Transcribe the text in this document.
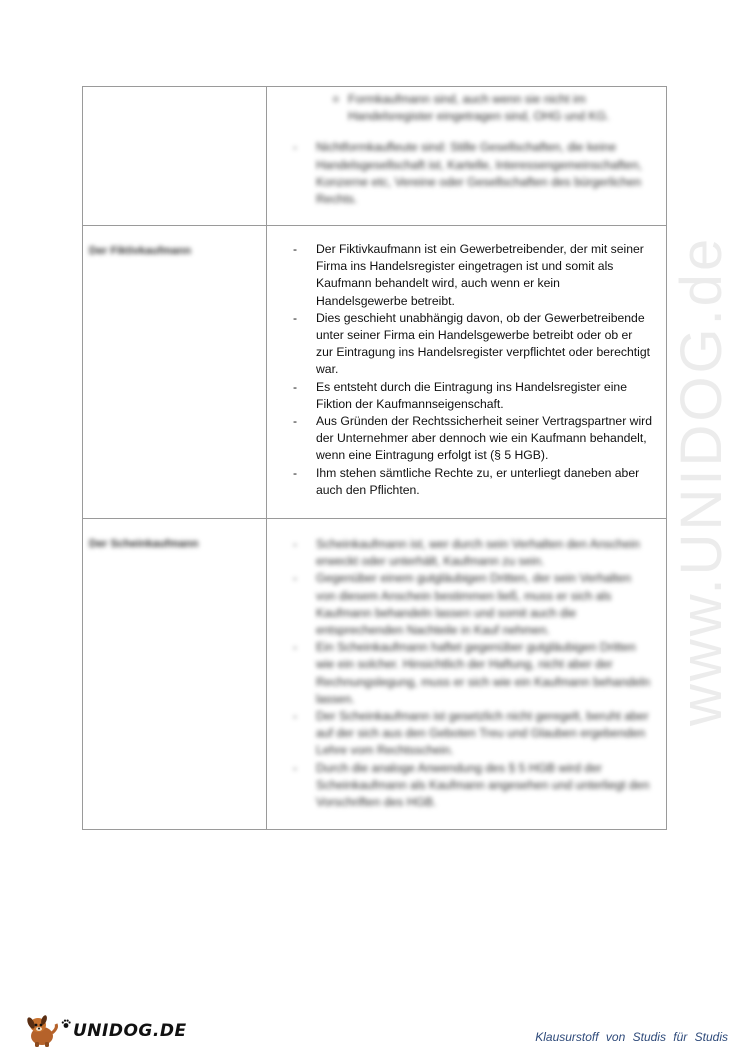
www.UNIDOG.de
o Formkaufmann sind, auch wenn sie nicht im Handelsregister eingetragen sind, OHG und KG.
- Nichtformkaufleute sind: Stille Gesellschaften, die keine Handelsgesellschaft ist, Kartelle, Interessengemeinschaften, Konzerne etc, Vereine oder Gesellschaften des bürgerlichen Rechts.
Der Fiktivkaufmann	- Der Fiktivkaufmann ist ein Gewerbetreibender, der mit seiner Firma ins Handelsregister eingetragen ist und somit als Kaufmann behandelt wird, auch wenn er kein Handelsgewerbe betreibt.
- Dies geschieht unabhängig davon, ob der Gewerbetreibende unter seiner Firma ein Handelsgewerbe betreibt oder ob er zur Eintragung ins Handelsregister verpflichtet oder berechtigt war.
- Es entsteht durch die Eintragung ins Handelsregister eine Fiktion der Kaufmannseigenschaft.
- Aus Gründen der Rechtssicherheit seiner Vertragspartner wird der Unternehmer aber dennoch wie ein Kaufmann behandelt, wenn eine Eintragung erfolgt ist (§ 5 HGB).
- Ihm stehen sämtliche Rechte zu, er unterliegt daneben aber auch den Pflichten.
Der Scheinkaufmann	- Scheinkaufmann ist, wer durch sein Verhalten den Anschein erweckt oder unterhält, Kaufmann zu sein.
- Gegenüber einem gutgläubigen Dritten, der sein Verhalten von diesem Anschein bestimmen ließ, muss er sich als Kaufmann behandeln lassen und somit auch die entsprechenden Nachteile in Kauf nehmen.
- Ein Scheinkaufmann haftet gegenüber gutgläubigen Dritten wie ein solcher. Hinsichtlich der Haftung, nicht aber der Rechnungslegung, muss er sich wie ein Kaufmann behandeln lassen.
- Der Scheinkaufmann ist gesetzlich nicht geregelt, beruht aber auf der sich aus den Geboten Treu und Glauben ergebenden Lehre vom Rechtsschein.
- Durch die analoge Anwendung des § 5 HGB wird der Scheinkaufmann als Kaufmann angesehen und unterliegt den Vorschriften des HGB.
UNIDOG.DE	Klausurstoff von Studis für Studis
